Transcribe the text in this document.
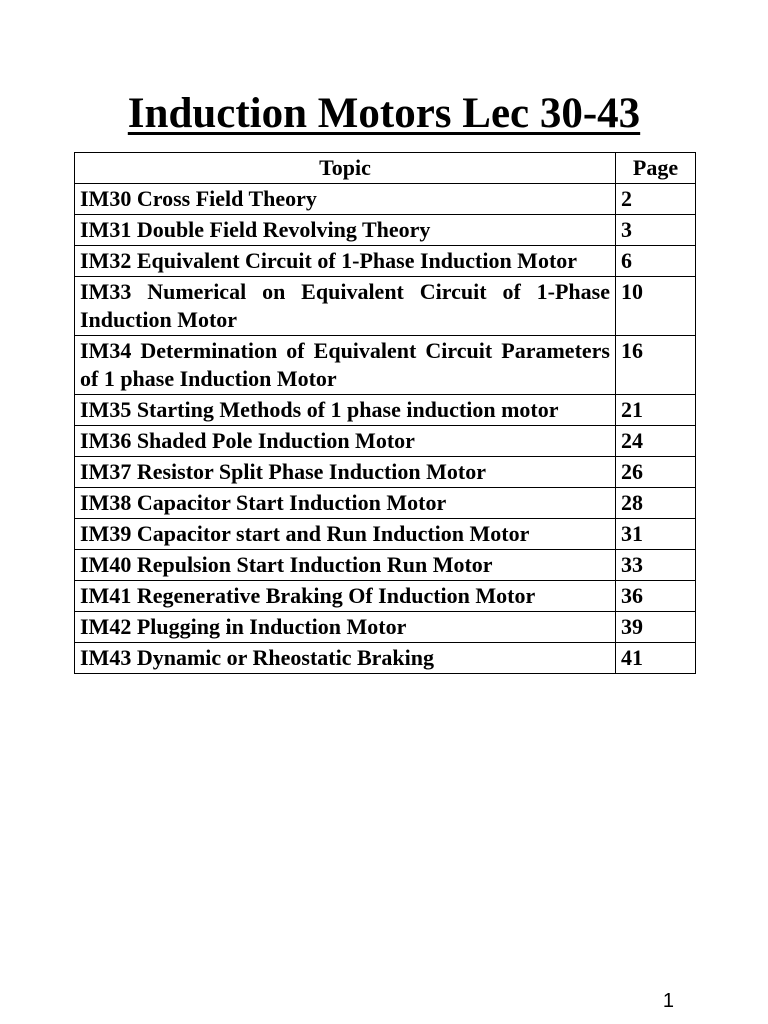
Induction Motors Lec 30-43
Topic	Page
IM30 Cross Field Theory	2
IM31 Double Field Revolving Theory	3
IM32 Equivalent Circuit of 1-Phase Induction Motor	6
IM33 Numerical on Equivalent Circuit of 1-Phase Induction Motor	10
IM34 Determination of Equivalent Circuit Parameters of 1 phase Induction Motor	16
IM35 Starting Methods of 1 phase induction motor	21
IM36 Shaded Pole Induction Motor	24
IM37 Resistor Split Phase Induction Motor	26
IM38 Capacitor Start Induction Motor	28
IM39 Capacitor start and Run Induction Motor	31
IM40 Repulsion Start Induction Run Motor	33
IM41 Regenerative Braking Of Induction Motor	36
IM42 Plugging in Induction Motor	39
IM43 Dynamic or Rheostatic Braking	41
1
